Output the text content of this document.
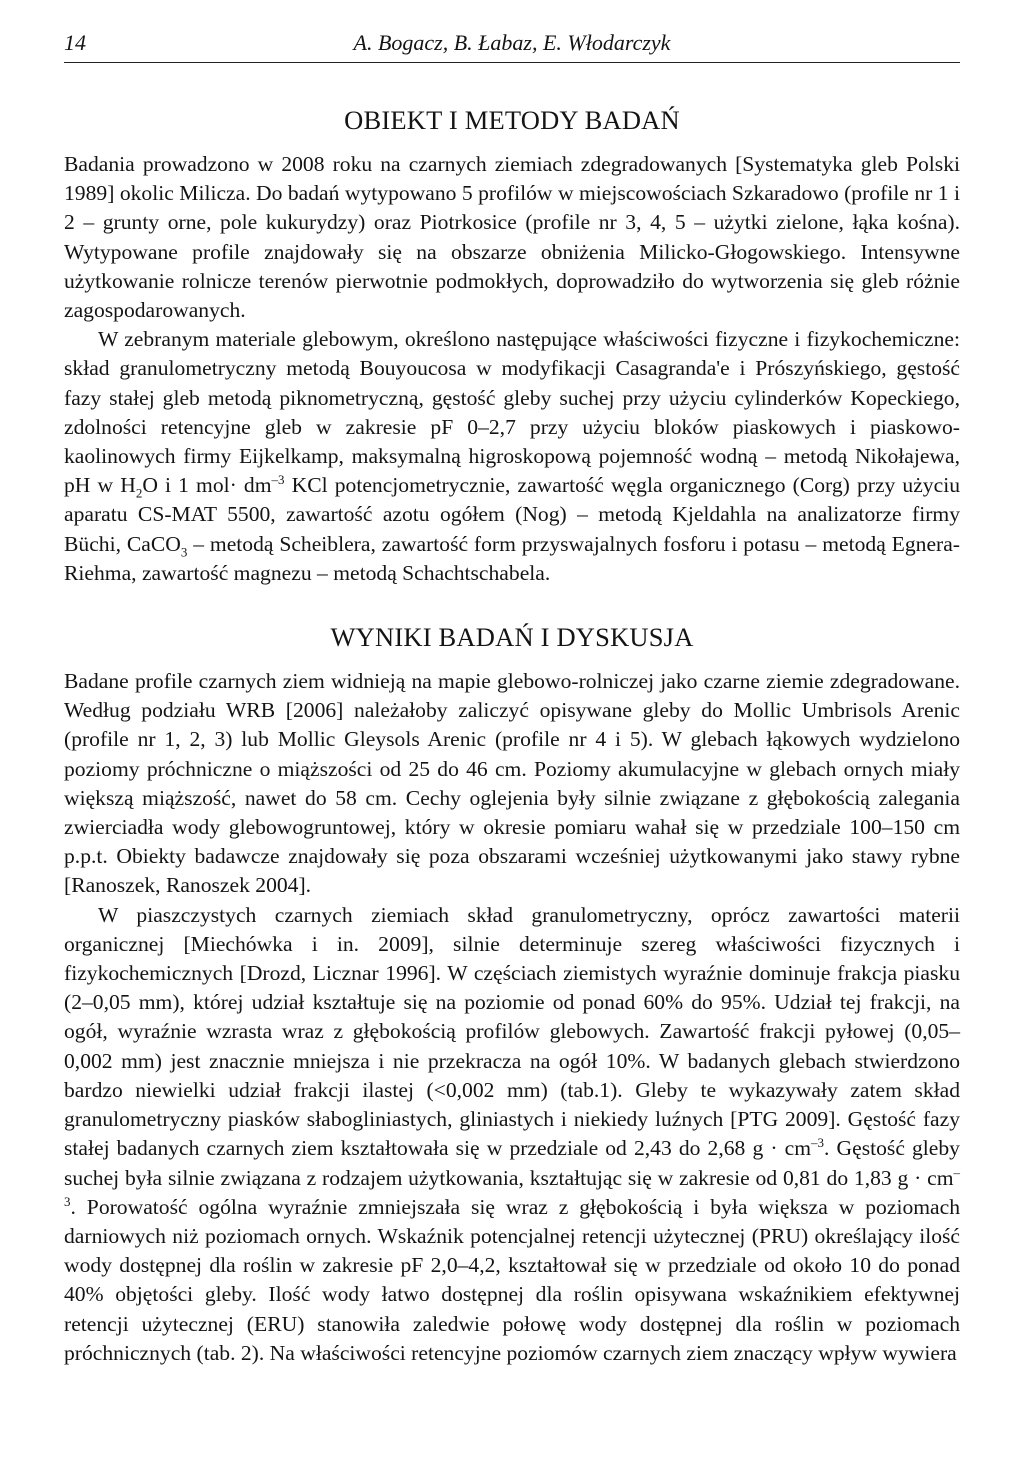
14	A. Bogacz, B. Łabaz, E. Włodarczyk
OBIEKT I METODY BADAŃ

Badania prowadzono w 2008 roku na czarnych ziemiach zdegradowanych [Systematyka gleb Polski 1989] okolic Milicza. Do badań wytypowano 5 profilów w miejscowościach Szkaradowo (profile nr 1 i 2 – grunty orne, pole kukurydzy) oraz Piotrkosice (profile nr 3, 4, 5 – użytki zielone, łąka kośna). Wytypowane profile znajdowały się na obszarze obniżenia Milicko-Głogowskiego. Intensywne użytkowanie rolnicze terenów pierwotnie podmokłych, doprowadziło do wytworzenia się gleb różnie zagospodarowanych.

W zebranym materiale glebowym, określono następujące właściwości fizyczne i fizykochemiczne: skład granulometryczny metodą Bouyoucosa w modyfikacji Casagranda'e i Prószyńskiego, gęstość fazy stałej gleb metodą piknometryczną, gęstość gleby suchej przy użyciu cylinderków Kopeckiego, zdolności retencyjne gleb w zakresie pF 0–2,7 przy użyciu bloków piaskowych i piaskowo-kaolinowych firmy Eijkelkamp, maksymalną higroskopową pojemność wodną – metodą Nikołajewa, pH w $H_2O$ i 1 $mol\cdot dm^{-3}$ KCl potencjometrycznie, zawartość węgla organicznego (Corg) przy użyciu aparatu CS-MAT 5500, zawartość azotu ogółem (Nog) – metodą Kjeldahla na analizatorze firmy Büchi, CaCO$_3$ – metodą Scheiblera, zawartość form przyswajalnych fosforu i potasu – metodą Egnera-Riehma, zawartość magnezu – metodą Schachtschabela.

WYNIKI BADAŃ I DYSKUSJA

Badane profile czarnych ziem widnieją na mapie glebowo-rolniczej jako czarne ziemie zdegradowane. Według podziału WRB [2006] należałoby zaliczyć opisywane gleby do Mollic Umbrisols Arenic (profile nr 1, 2, 3) lub Mollic Gleysols Arenic (profile nr 4 i 5). W glebach łąkowych wydzielono poziomy próchniczne o miąższości od 25 do 46 cm. Poziomy akumulacyjne w glebach ornych miały większą miąższość, nawet do 58 cm. Cechy oglejenia były silnie związane z głębokością zalegania zwierciadła wody glebowogruntowej, który w okresie pomiaru wahał się w przedziale 100–150 cm p.p.t. Obiekty badawcze znajdowały się poza obszarami wcześniej użytkowanymi jako stawy rybne [Ranoszek, Ranoszek 2004].

W piaszczystych czarnych ziemiach skład granulometryczny, oprócz zawartości materii organicznej [Miechówka i in. 2009], silnie determinuje szereg właściwości fizycznych i fizykochemicznych [Drozd, Licznar 1996]. W częściach ziemistych wyraźnie dominuje frakcja piasku (2–0,05 mm), której udział kształtuje się na poziomie od ponad 60% do 95%. Udział tej frakcji, na ogół, wyraźnie wzrasta wraz z głębokością profilów glebowych. Zawartość frakcji pyłowej (0,05–0,002 mm) jest znacznie mniejsza i nie przekracza na ogół 10%. W badanych glebach stwierdzono bardzo niewielki udział frakcji ilastej (<0,002 mm) (tab.1). Gleby te wykazywały zatem skład granulometryczny piasków słabogliniastych, gliniastych i niekiedy luźnych [PTG 2009]. Gęstość fazy stałej badanych czarnych ziem kształtowała się w przedziale od 2,43 do 2,68 $g \cdot cm^{-3}$. Gęstość gleby suchej była silnie związana z rodzajem użytkowania, kształtując się w zakresie od 0,81 do 1,83 $g \cdot cm^{-3}$. Porowatość ogólna wyraźnie zmniejszała się wraz z głębokością i była większa w poziomach darniowych niż poziomach ornych. Wskaźnik potencjalnej retencji użytecznej (PRU) określający ilość wody dostępnej dla roślin w zakresie pF 2,0–4,2, kształtował się w przedziale od około 10 do ponad 40% objętości gleby. Ilość wody łatwo dostępnej dla roślin opisywana wskaźnikiem efektywnej retencji użytecznej (ERU) stanowiła zaledwie połowę wody dostępnej dla roślin w poziomach próchnicznych (tab. 2). Na właściwości retencyjne poziomów czarnych ziem znaczący wpływ wywiera
